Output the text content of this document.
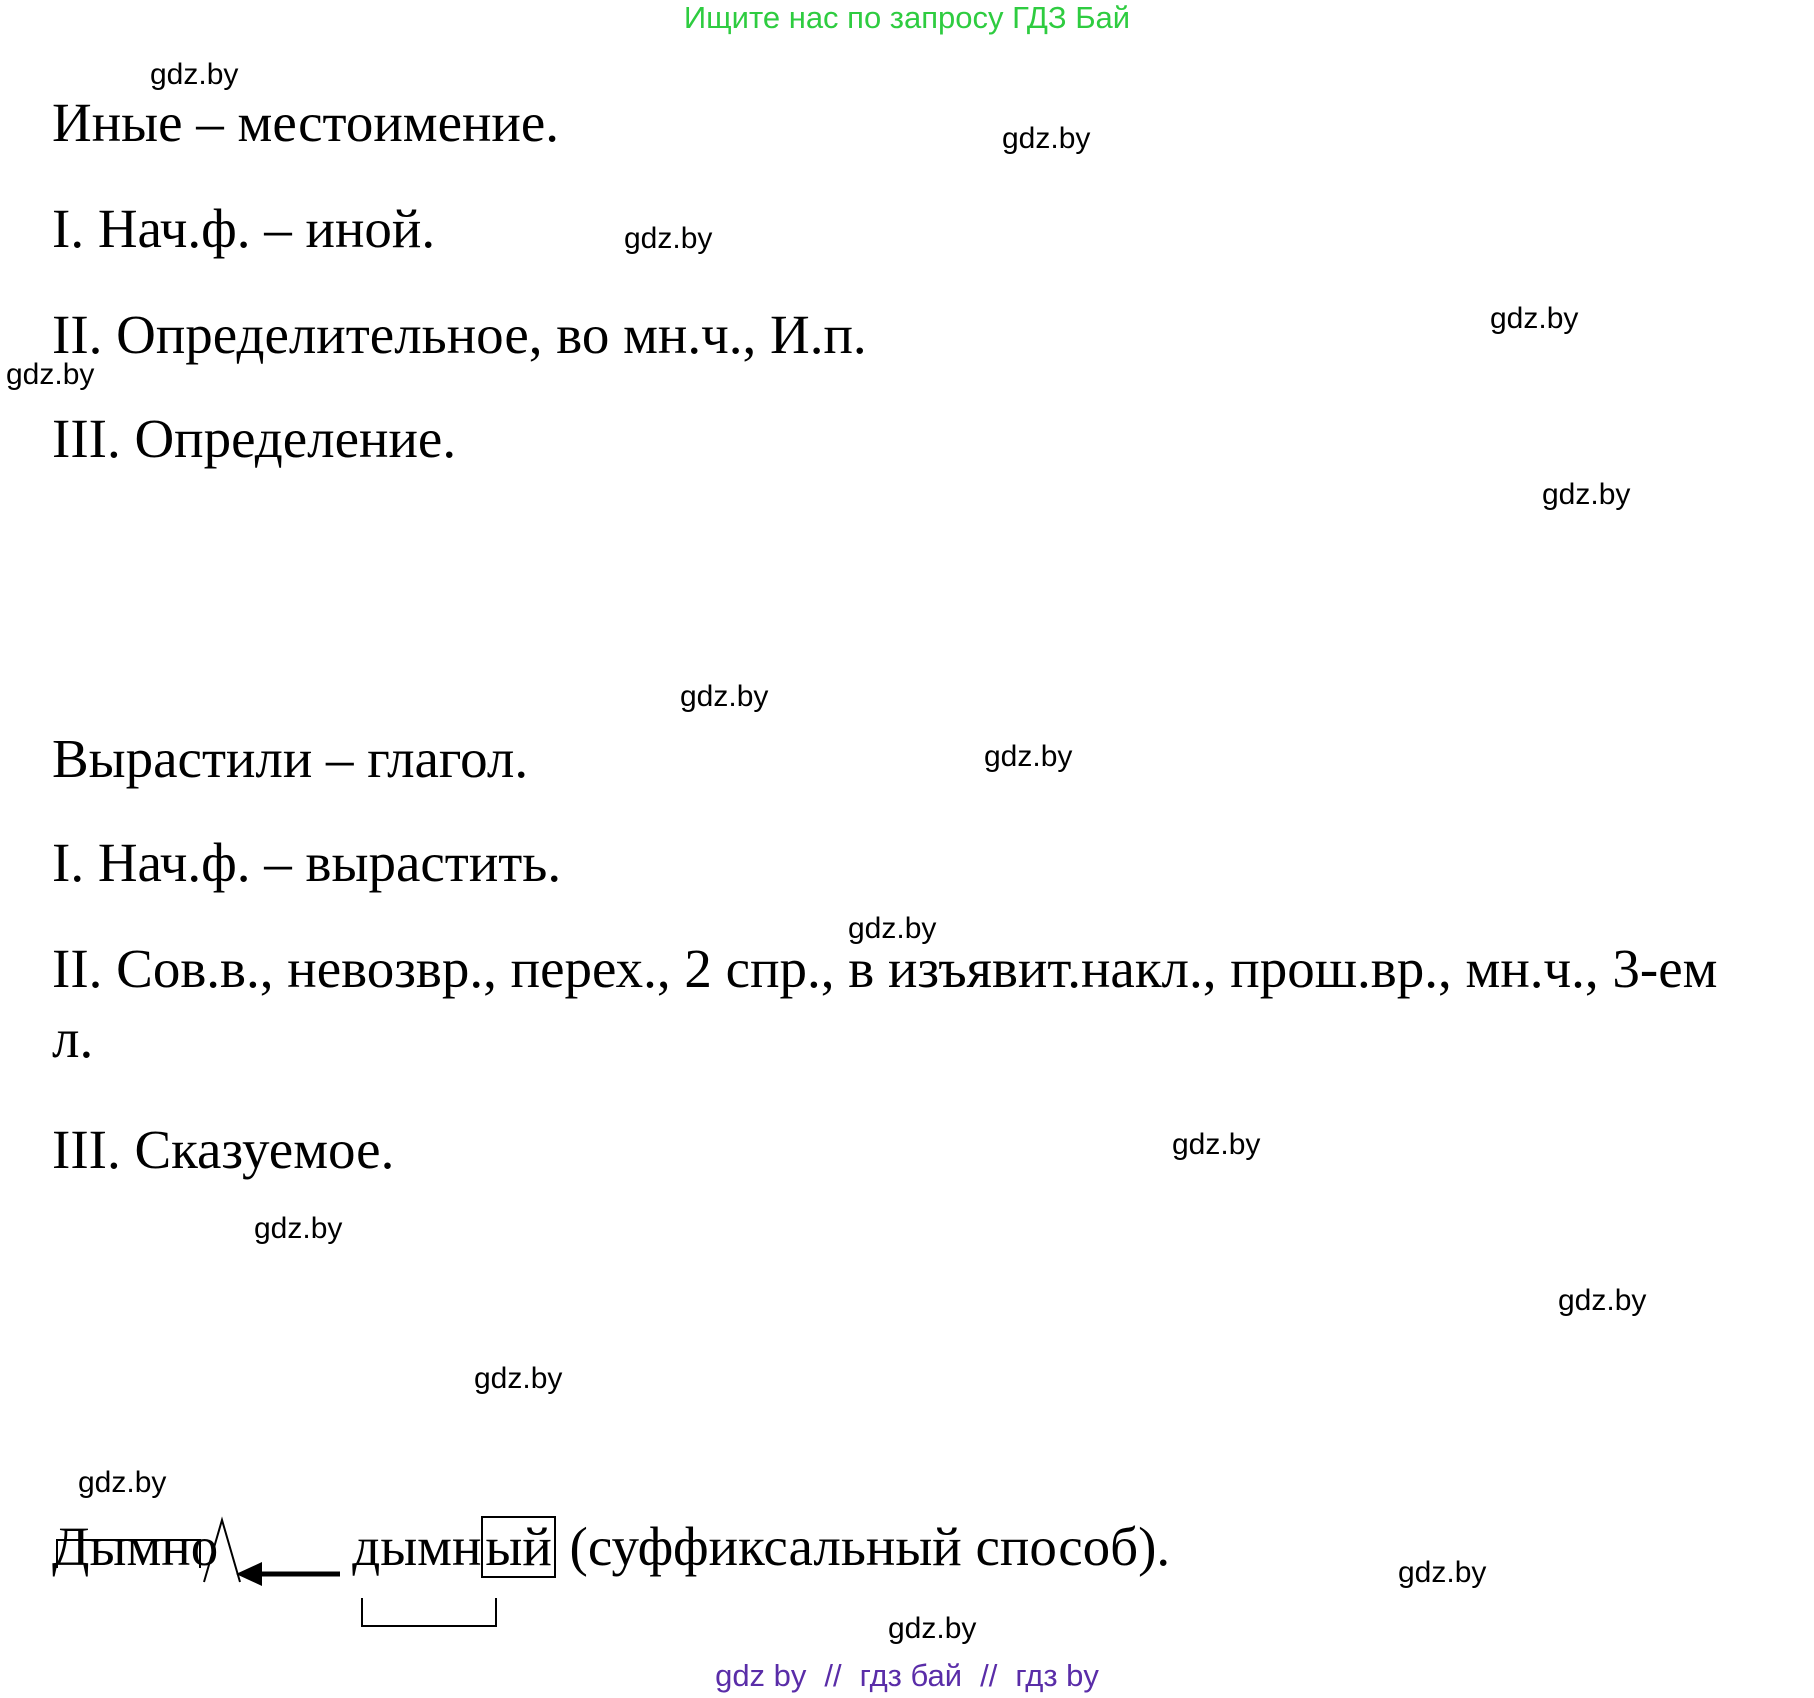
Ищите нас по запросу ГДЗ Бай
Иные – местоимение.
I. Нач.ф. – иной.
II. Определительное, во мн.ч., И.п.
III. Определение.
Вырастили – глагол.
I. Нач.ф. – вырастить.
II. Сов.в., невозвр., перех., 2 спр., в изъявит.накл., прош.вр., мн.ч., 3-ем л.
III. Сказуемое.
Дымно дымный (суффиксальный способ).
gdz.by
gdz.by
gdz.by
gdz.by
gdz.by
gdz.by
gdz.by
gdz.by
gdz.by
gdz.by
gdz.by
gdz.by
gdz.by
gdz.by
gdz.by
gdz.by
gdz by // гдз бай // гдз by
